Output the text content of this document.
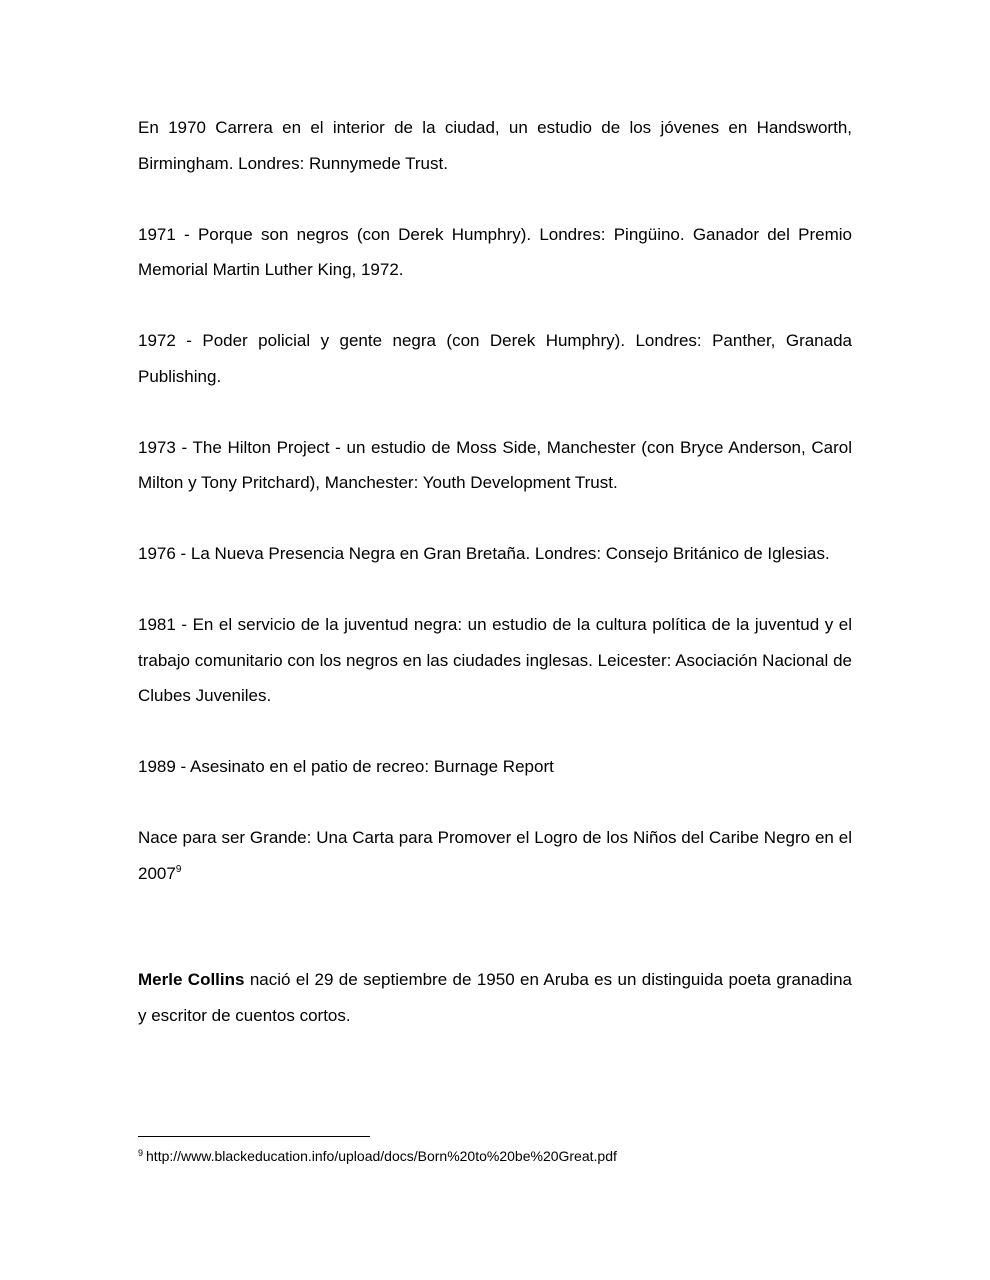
En 1970 Carrera en el interior de la ciudad, un estudio de los jóvenes en Handsworth, Birmingham. Londres: Runnymede Trust.

1971 - Porque son negros (con Derek Humphry). Londres: Pingüino. Ganador del Premio Memorial Martin Luther King, 1972.

1972 - Poder policial y gente negra (con Derek Humphry). Londres: Panther, Granada Publishing.

1973 - The Hilton Project - un estudio de Moss Side, Manchester (con Bryce Anderson, Carol Milton y Tony Pritchard), Manchester: Youth Development Trust.

1976 - La Nueva Presencia Negra en Gran Bretaña. Londres: Consejo Británico de Iglesias.

1981 - En el servicio de la juventud negra: un estudio de la cultura política de la juventud y el trabajo comunitario con los negros en las ciudades inglesas. Leicester: Asociación Nacional de Clubes Juveniles.

1989 - Asesinato en el patio de recreo: Burnage Report

Nace para ser Grande: Una Carta para Promover el Logro de los Niños del Caribe Negro en el 2007$^9$

Merle Collins nació el 29 de septiembre de 1950 en Aruba es un distinguida poeta granadina y escritor de cuentos cortos.

$^9$ http://www.blackeducation.info/upload/docs/Born%20to%20be%20Great.pdf
